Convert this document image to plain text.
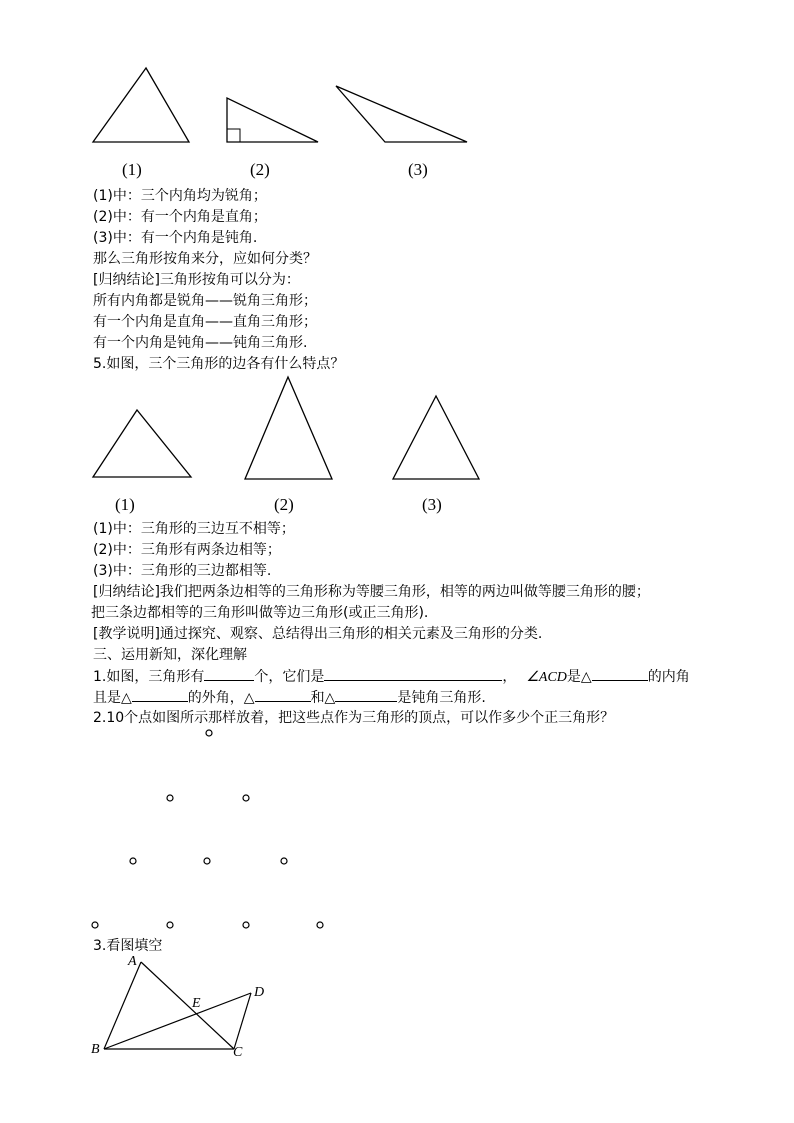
(1)	(2)	(3)
(1)中：三个内角均为锐角；
(2)中：有一个内角是直角；
(3)中：有一个内角是钝角.
那么三角形按角来分，应如何分类？
[归纳结论]三角形按角可以分为：
所有内角都是锐角——锐角三角形；
有一个内角是直角——直角三角形；
有一个内角是钝角——钝角三角形.
5.如图，三个三角形的边各有什么特点？
(1)	(2)	(3)
(1)中：三角形的三边互不相等；
(2)中：三角形有两条边相等；
(3)中：三角形的三边都相等.
[归纳结论]我们把两条边相等的三角形称为等腰三角形，相等的两边叫做等腰三角形的腰；
把三条边都相等的三角形叫做等边三角形(或正三角形).
[教学说明]通过探究、观察、总结得出三角形的相关元素及三角形的分类.
三、运用新知，深化理解
1.如图，三角形有	个，它们是	， ∠ACD是△	的内角
且是△	的外角，△	和△	是钝角三角形.
2.10个点如图所示那样放着，把这些点作为三角形的顶点，可以作多少个正三角形？
3.看图填空
A
B	C
D
E
